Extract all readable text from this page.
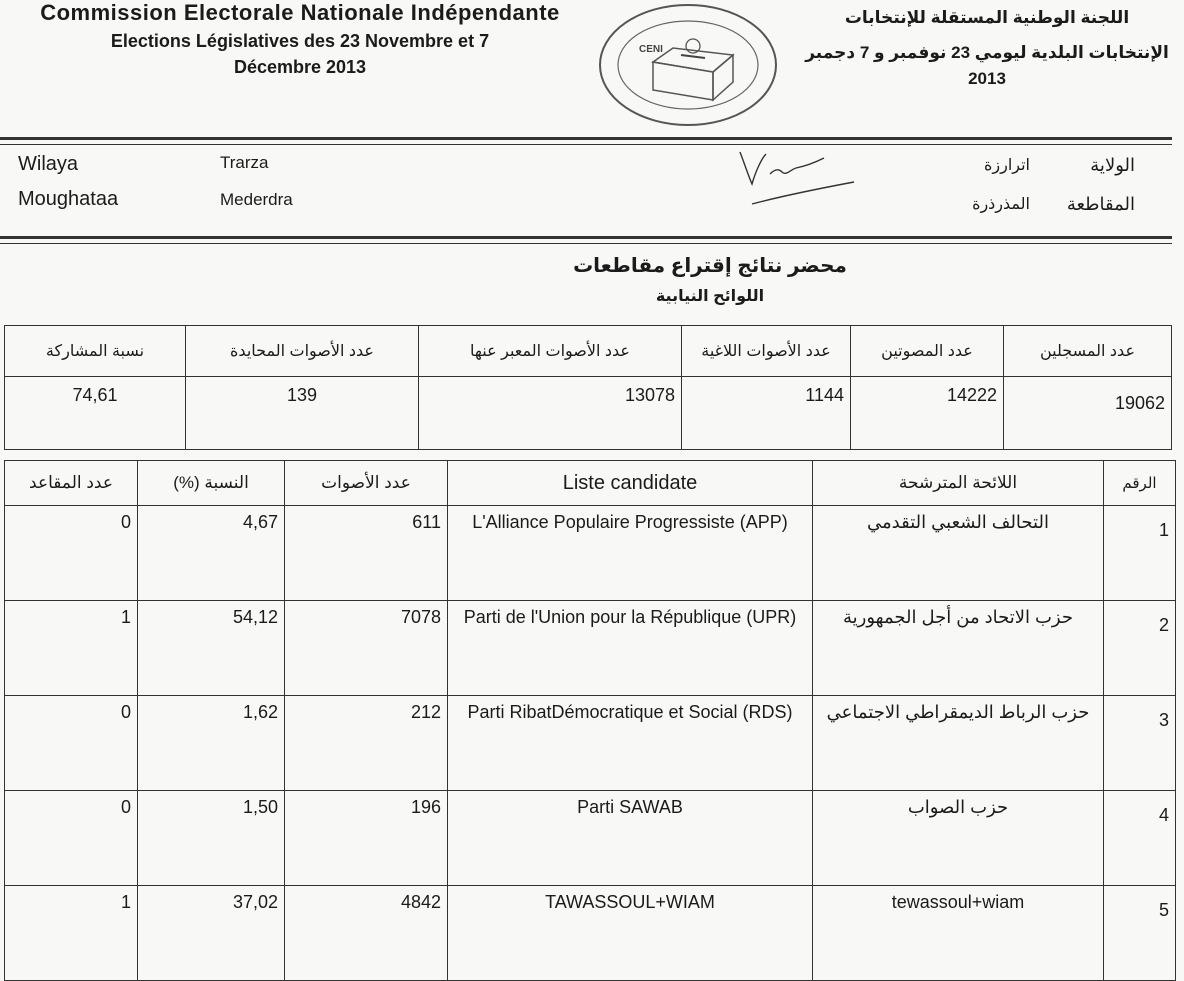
Commission Electorale Nationale Indépendante
Elections Législatives des 23 Novembre et 7
Décembre 2013
CENI
اللجنة الوطنية المستقلة للإنتخابات
الإنتخابات البلدية ليومي 23 نوفمبر و 7 دجمبر
2013
Wilaya	Trarza
Moughataa	Mederdra
اترارزة	الولاية
المذرذرة	المقاطعة
محضر نتائج إقتراع مقاطعات
اللوائح النيابية
نسبة المشاركة	عدد الأصوات المحايدة	عدد الأصوات المعبر عنها	عدد الأصوات اللاغية	عدد المصوتين	عدد المسجلين
74,61	139	13078	1144	14222	19062
عدد المقاعد	النسبة (%)	عدد الأصوات	Liste candidate	اللائحة المترشحة	الرقم
0	4,67	611	L'Alliance Populaire Progressiste (APP)	التحالف الشعبي التقدمي	1
1	54,12	7078	Parti de l'Union pour la République (UPR)	حزب الاتحاد من أجل الجمهورية	2
0	1,62	212	Parti RibatDémocratique et Social (RDS)	حزب الرباط الديمقراطي الاجتماعي	3
0	1,50	196	Parti SAWAB	حزب الصواب	4
1	37,02	4842	TAWASSOUL+WIAM	tewassoul+wiam	5
